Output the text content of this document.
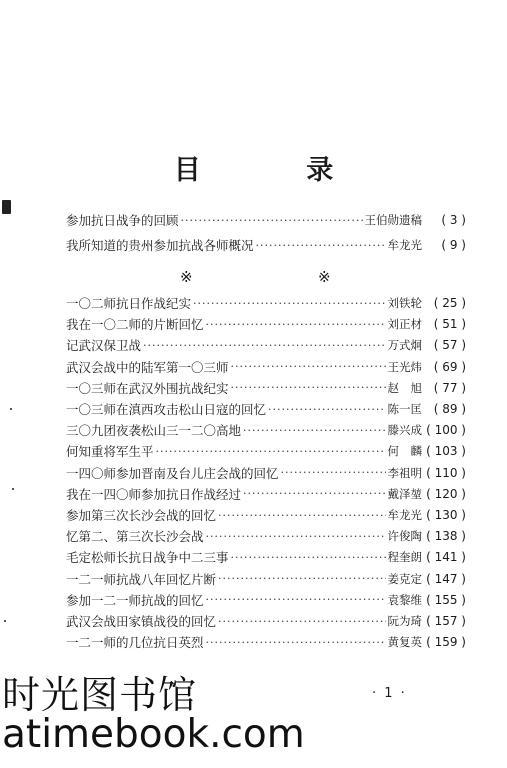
目 录
参加抗日战争的回顾 ·····	王伯勋遗稿	( 3 )
我所知道的贵州参加抗战各师概况 ·····	牟龙光	( 9 )
※	※
一〇二师抗日作战纪实 ·····	刘铁轮 ( 25 )
我在一〇二师的片断回忆 ·····	刘正材 ( 51 )
记武汉保卫战 ·····	万式炯 ( 57 )
武汉会战中的陆军第一〇三师 ·····	王光炜 ( 69 )
一〇三师在武汉外围抗战纪实 ·····	赵　旭 ( 77 )
一〇三师在滇西攻击松山日寇的回忆 ·····	陈一匡 ( 89 )
三〇九团夜袭松山三一二〇高地 ·····	滕兴成 ( 100 )
何知重将军生平 ·····	何　麟 ( 103 )
一四〇师参加晋南及台儿庄会战的回忆 ·····	李祖明 ( 110 )
我在一四〇师参加抗日作战经过 ·····	戴泽堃 ( 120 )
参加第三次长沙会战的回忆 ·····	牟龙光 ( 130 )
忆第二、第三次长沙会战 ·····	许俊陶 ( 138 )
毛定松师长抗日战争中二三事 ·····	程奎朗 ( 141 )
一二一师抗战八年回忆片断 ·····	姜克定 ( 147 )
参加一二一师抗战的回忆 ·····	袁黎维 ( 155 )
武汉会战田家镇战役的回忆 ·····	阮为琦 ( 157 )
一二一师的几位抗日英烈 ·····	黄复英 ( 159 )
· 1 ·
时光图书馆
atimebook.com
